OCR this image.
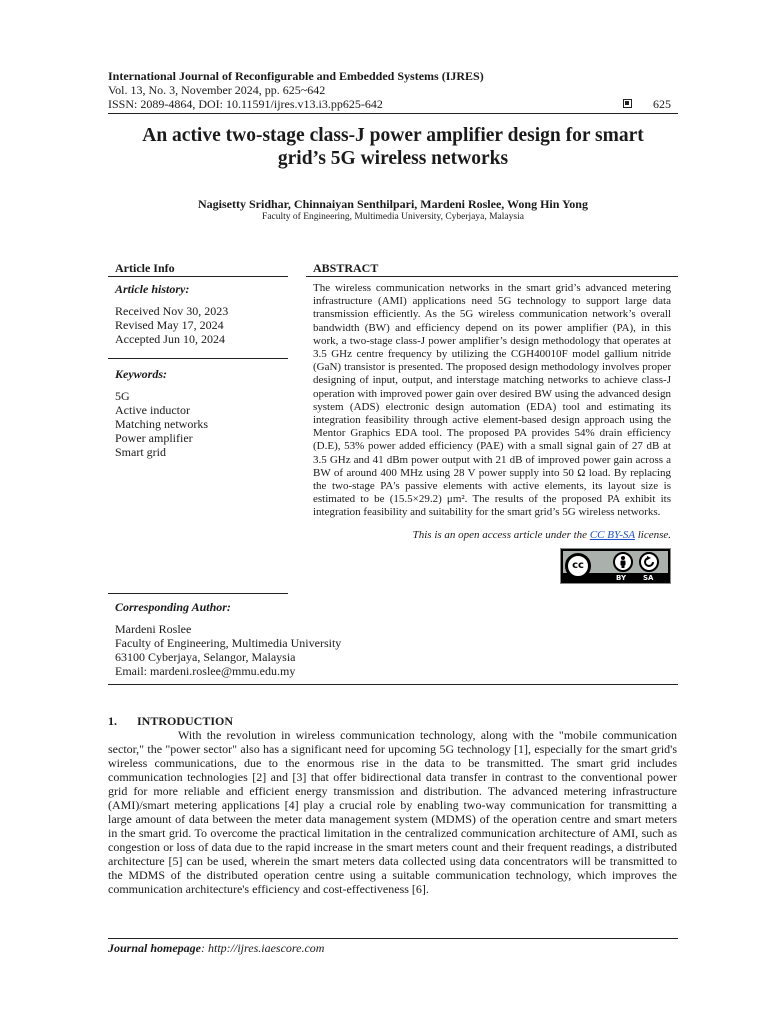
International Journal of Reconfigurable and Embedded Systems (IJRES)
Vol. 13, No. 3, November 2024, pp. 625~642
ISSN: 2089-4864, DOI: 10.11591/ijres.v13.i3.pp625-642	625
An active two-stage class-J power amplifier design for smart
grid’s 5G wireless networks
Nagisetty Sridhar, Chinnaiyan Senthilpari, Mardeni Roslee, Wong Hin Yong
Faculty of Engineering, Multimedia University, Cyberjaya, Malaysia
Article Info
Article history:
Received Nov 30, 2023
Revised May 17, 2024
Accepted Jun 10, 2024
Keywords:
5G
Active inductor
Matching networks
Power amplifier
Smart grid
ABSTRACT
The wireless communication networks in the smart grid’s advanced metering infrastructure (AMI) applications need 5G technology to support large data transmission efficiently. As the 5G wireless communication network’s overall bandwidth (BW) and efficiency depend on its power amplifier (PA), in this work, a two-stage class-J power amplifier’s design methodology that operates at 3.5 GHz centre frequency by utilizing the CGH40010F model gallium nitride (GaN) transistor is presented. The proposed design methodology involves proper designing of input, output, and interstage matching networks to achieve class-J operation with improved power gain over desired BW using the advanced design system (ADS) electronic design automation (EDA) tool and estimating its integration feasibility through active element-based design approach using the Mentor Graphics EDA tool. The proposed PA provides 54% drain efficiency (D.E), 53% power added efficiency (PAE) with a small signal gain of 27 dB at 3.5 GHz and 41 dBm power output with 21 dB of improved power gain across a BW of around 400 MHz using 28 V power supply into 50 Ω load. By replacing the two-stage PA's passive elements with active elements, its layout size is estimated to be (15.5×29.2) μm². The results of the proposed PA exhibit its integration feasibility and suitability for the smart grid’s 5G wireless networks.
This is an open access article under the CC BY-SA license.
cc
BY SA
Corresponding Author:
Mardeni Roslee
Faculty of Engineering, Multimedia University
63100 Cyberjaya, Selangor, Malaysia
Email: mardeni.roslee@mmu.edu.my
1. INTRODUCTION
With the revolution in wireless communication technology, along with the "mobile communication sector," the "power sector" also has a significant need for upcoming 5G technology [1], especially for the smart grid's wireless communications, due to the enormous rise in the data to be transmitted. The smart grid includes communication technologies [2] and [3] that offer bidirectional data transfer in contrast to the conventional power grid for more reliable and efficient energy transmission and distribution. The advanced metering infrastructure (AMI)/smart metering applications [4] play a crucial role by enabling two-way communication for transmitting a large amount of data between the meter data management system (MDMS) of the operation centre and smart meters in the smart grid. To overcome the practical limitation in the centralized communication architecture of AMI, such as congestion or loss of data due to the rapid increase in the smart meters count and their frequent readings, a distributed architecture [5] can be used, wherein the smart meters data collected using data concentrators will be transmitted to the MDMS of the distributed operation centre using a suitable communication technology, which improves the communication architecture's efficiency and cost-effectiveness [6].
Journal homepage: http://ijres.iaescore.com
